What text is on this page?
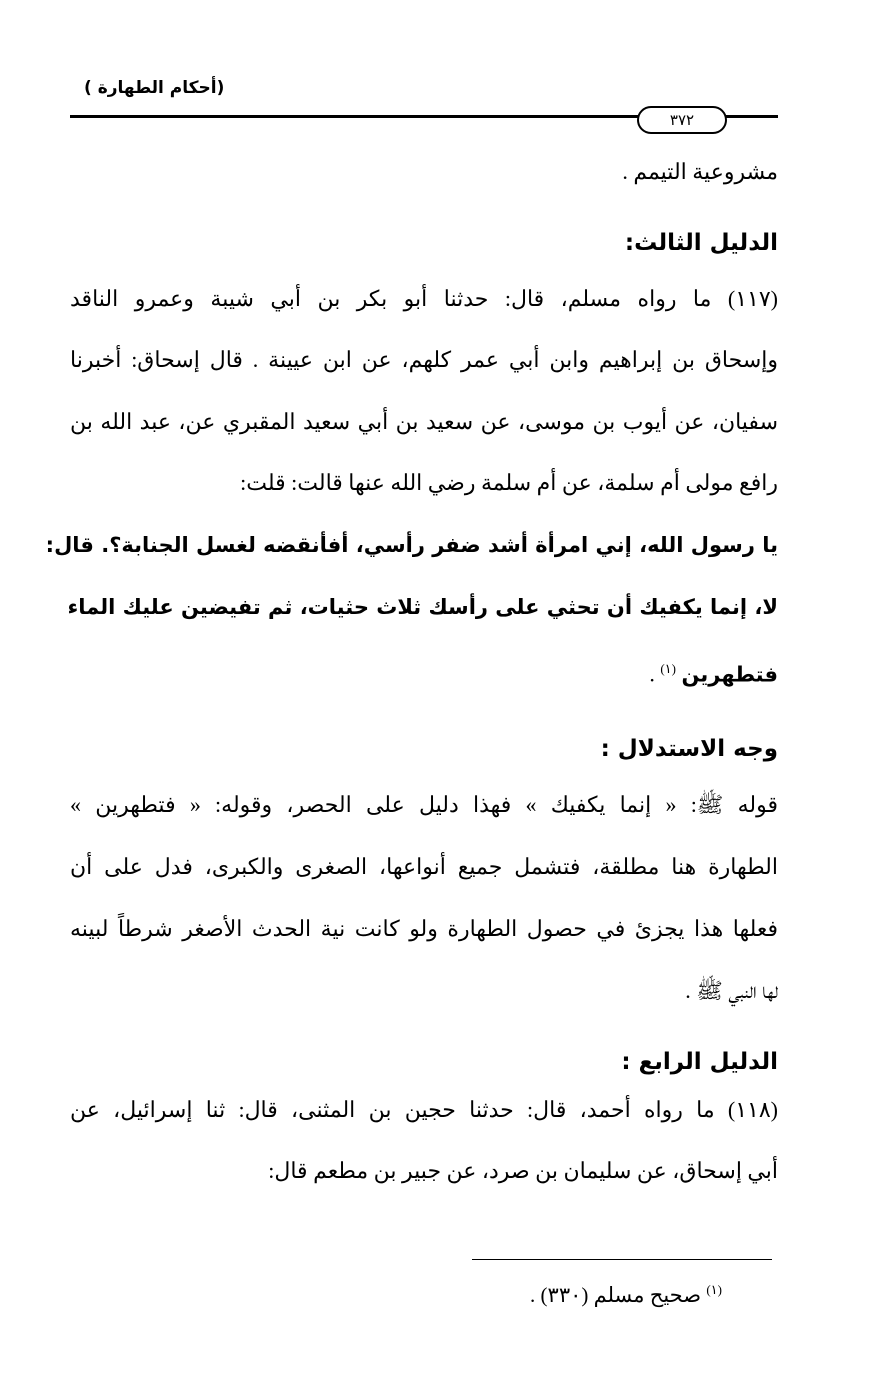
(أحكام الطهارة )
٣٧٢
مشروعية التيمم .
الدليل الثالث:
(١١٧) ما رواه مسلم، قال: حدثنا أبو بكر بن أبي شيبة وعمرو الناقد
وإسحاق بن إبراهيم وابن أبي عمر كلهم، عن ابن عيينة . قال إسحاق: أخبرنا
سفيان، عن أيوب بن موسى، عن سعيد بن أبي سعيد المقبري عن، عبد الله بن
رافع مولى أم سلمة، عن أم سلمة رضي الله عنها قالت: قلت:
يا رسول الله، إني امرأة أشد ضفر رأسي، أفأنقضه لغسل الجنابة؟. قال:
لا، إنما يكفيك أن تحثي على رأسك ثلاث حثيات، ثم تفيضين عليك الماء
فتطهرين $^{(١)}$ .
وجه الاستدلال :
قوله ﷺ: « إنما يكفيك » فهذا دليل على الحصر، وقوله: « فتطهرين »
الطهارة هنا مطلقة، فتشمل جميع أنواعها، الصغرى والكبرى، فدل على أن
فعلها هذا يجزئ في حصول الطهارة ولو كانت نية الحدث الأصغر شرطاً لبينه
لها النبي ﷺ .
الدليل الرابع :
(١١٨) ما رواه أحمد، قال: حدثنا حجين بن المثنى، قال: ثنا إسرائيل، عن
أبي إسحاق، عن سليمان بن صرد، عن جبير بن مطعم قال:
$^{(١)}$ صحيح مسلم (٣٣٠) .
